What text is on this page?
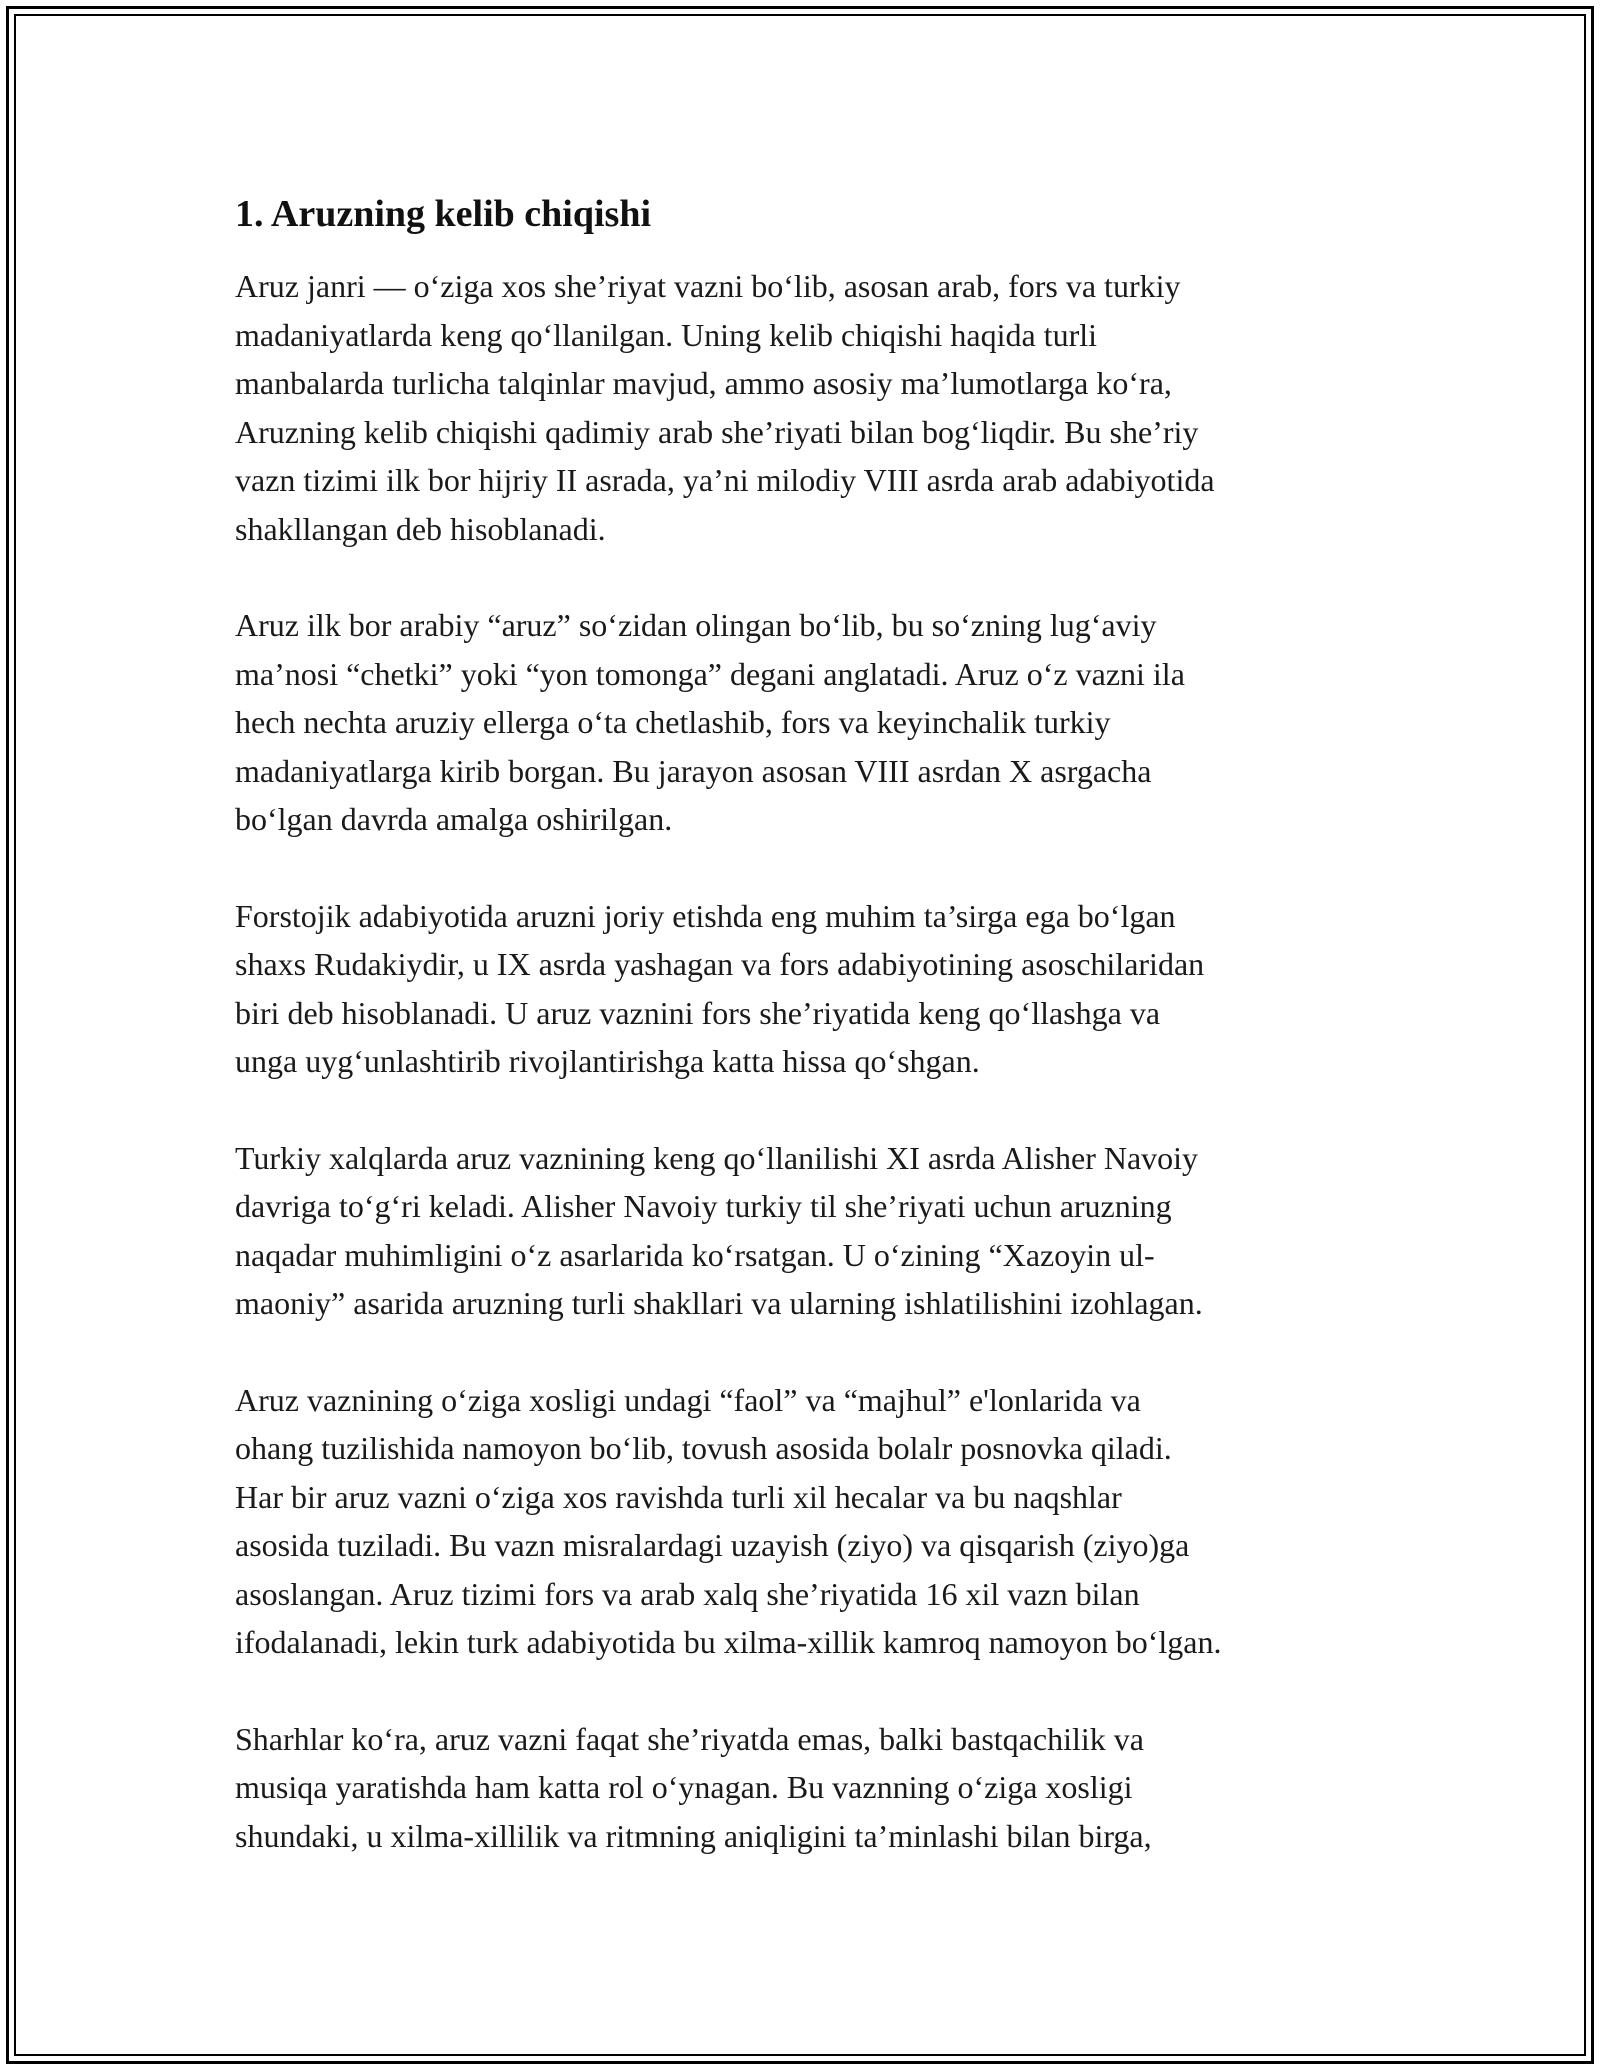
1. Aruzning kelib chiqishi

Aruz janri — o‘ziga xos she’riyat vazni bo‘lib, asosan arab, fors va turkiy
madaniyatlarda keng qo‘llanilgan. Uning kelib chiqishi haqida turli
manbalarda turlicha talqinlar mavjud, ammo asosiy ma’lumotlarga ko‘ra,
Aruzning kelib chiqishi qadimiy arab she’riyati bilan bog‘liqdir. Bu she’riy
vazn tizimi ilk bor hijriy II asrada, ya’ni milodiy VIII asrda arab adabiyotida
shakllangan deb hisoblanadi.

Aruz ilk bor arabiy “aruz” so‘zidan olingan bo‘lib, bu so‘zning lug‘aviy
ma’nosi “chetki” yoki “yon tomonga” degani anglatadi. Aruz o‘z vazni ila
hech nechta aruziy ellerga o‘ta chetlashib, fors va keyinchalik turkiy
madaniyatlarga kirib borgan. Bu jarayon asosan VIII asrdan X asrgacha
bo‘lgan davrda amalga oshirilgan.

Forstojik adabiyotida aruzni joriy etishda eng muhim ta’sirga ega bo‘lgan
shaxs Rudakiydir, u IX asrda yashagan va fors adabiyotining asoschilaridan
biri deb hisoblanadi. U aruz vaznini fors she’riyatida keng qo‘llashga va
unga uyg‘unlashtirib rivojlantirishga katta hissa qo‘shgan.

Turkiy xalqlarda aruz vaznining keng qo‘llanilishi XI asrda Alisher Navoiy
davriga to‘g‘ri keladi. Alisher Navoiy turkiy til she’riyati uchun aruzning
naqadar muhimligini o‘z asarlarida ko‘rsatgan. U o‘zining “Xazoyin ul-
maoniy” asarida aruzning turli shakllari va ularning ishlatilishini izohlagan.

Aruz vaznining o‘ziga xosligi undagi “faol” va “majhul” e'lonlarida va
ohang tuzilishida namoyon bo‘lib, tovush asosida bolalr posnovka qiladi.
Har bir aruz vazni o‘ziga xos ravishda turli xil hecalar va bu naqshlar
asosida tuziladi. Bu vazn misralardagi uzayish (ziyo) va qisqarish (ziyo)ga
asoslangan. Aruz tizimi fors va arab xalq she’riyatida 16 xil vazn bilan
ifodalanadi, lekin turk adabiyotida bu xilma-xillik kamroq namoyon bo‘lgan.

Sharhlar ko‘ra, aruz vazni faqat she’riyatda emas, balki bastqachilik va
musiqa yaratishda ham katta rol o‘ynagan. Bu vaznning o‘ziga xosligi
shundaki, u xilma-xillilik va ritmning aniqligini ta’minlashi bilan birga,
